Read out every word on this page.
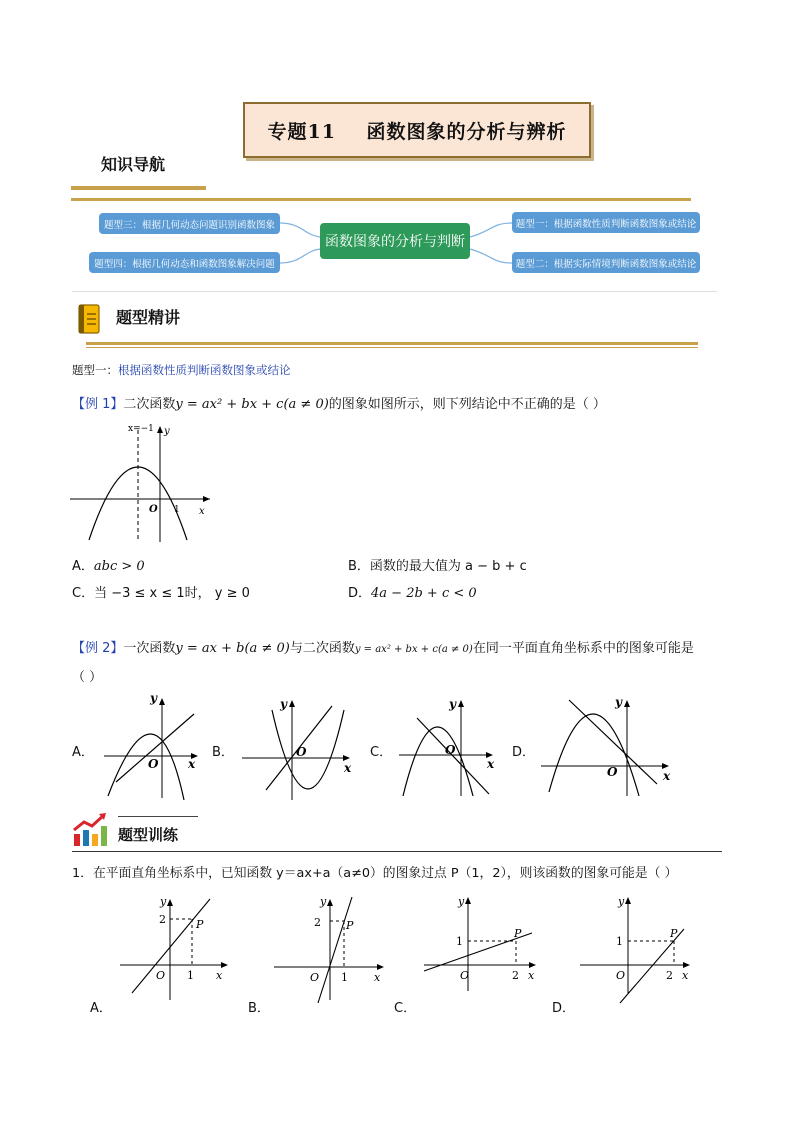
专题11    函数图象的分析与辨析
知识导航
题型三：根据几何动态问题识别函数图象
题型四：根据几何动态和函数图象解决问题
函数图象的分析与判断
题型一：根据函数性质判断函数图象或结论
题型二：根据实际情境判断函数图象或结论
题型精讲
题型一：根据函数性质判断函数图象或结论
【例 1】二次函数y = ax² + bx + c(a ≠ 0)的图象如图所示，则下列结论中不正确的是（ ）
x=−1 y
O 1 x
A．abc > 0	B．函数的最大值为 a − b + c
C．当 −3 ≤ x ≤ 1时， y ≥ 0	D．4a − 2b + c < 0
【例 2】一次函数y = ax + b(a ≠ 0)与二次函数y = ax² + bx + c(a ≠ 0)在同一平面直角坐标系中的图象可能是
（ ）
A．
y
O x
B．
y
O
x
C．
y
O
x
D．
y
O	x
题型训练
1．在平面直角坐标系中，已知函数 y＝ax+a（a≠0）的图象过点 P（1，2），则该函数的图象可能是（ ）
y
2	P
O 1 x
A．
y
2 P
O 1 x
B．
y
1
P
O	2 x
C．
y
1
P
O	2 x
D．
